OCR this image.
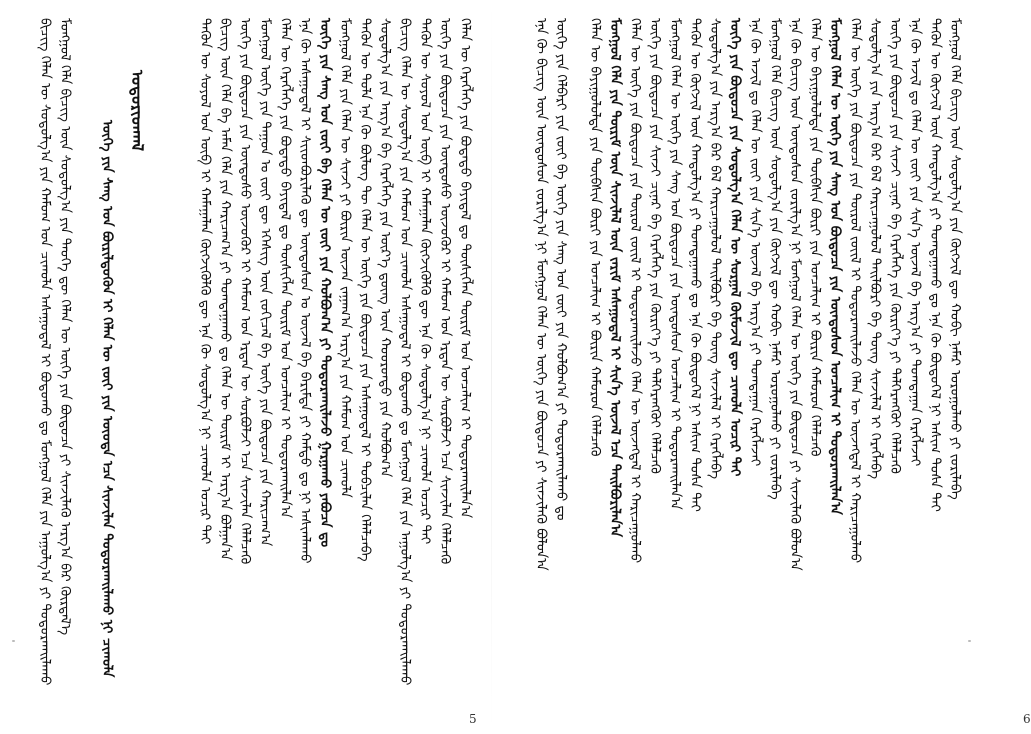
ᠪᠢᠴᠢᠭ᠌ ᠬᠡᠯᠡᠨ ᠦ ᠰᠤᠳᠤᠯᠭ᠎ᠠ ᠶᠢᠨ ᠬᠠᠮᠤᠭ ᠤᠨ ᠴᠢᠬᠤᠯᠠ ᠠᠰᠠᠭᠤᠳᠠᠯ ᠢ ᠪᠣᠳᠣᠬᠤ ᠳᠤ ᠮᠣᠩᠭᠣᠯ ᠬᠡᠯᠡ ᠶᠢᠨ ᠠᠭᠤᠯᠭ᠎ᠠ ᠶᠢ ᠲᠣᠳᠣᠷᠬᠠᠢᠯᠠᠬᠤ ᠮᠣᠩᠭᠣᠯ ᠬᠡᠯᠡ ᠪᠢᠴᠢᠭ ᠦᠨ ᠰᠤᠳᠤᠯᠭ᠎ᠠ ᠶᠢᠨ ᠲᠡᠦᠬᠡ ᠳᠦ ᠬᠡᠯᠡᠨ ᠦ ᠦᠭᠡ ᠶᠢᠨ ᠪᠦᠲᠦᠴᠡ ᠶᠢ ᠰᠢᠨᠵᠢᠯᠡᠬᠦ ᠠᠷᠭ᠎ᠠ ᠪᠠᠷ ᠬᠦᠷᠲᠡᠯ᠎ᠡ ᠦᠭᠡ ᠶᠢᠨ ᠰᠠᠩ ᠤᠨ ᠪᠦᠷᠢᠯᠳᠦᠭᠦᠨ ᠢ ᠬᠡᠯᠡᠨ ᠦ ᠵᠦᠢ ᠶᠢᠨ ᠦᠦᠳᠡ ᠡᠴᠡ ᠰᠢᠨᠵᠢᠯᠡᠨ ᠲᠣᠳᠣᠷᠬᠠᠢᠯᠠᠬᠤ ᠨᠢ ᠴᠢᠬᠤᠯᠠ
ᠤᠳᠤᠷᠢᠳᠬᠠᠯ	ᠲᠡᠭᠦᠨ ᠦ ᠰᠣᠶᠣᠯ ᠤᠨ ᠦᠪ ᠢ ᠬᠠᠮᠠᠭᠠᠯᠠᠨ ᠬᠥᠭᠵᠢᠭᠦᠯᠬᠦ ᠳᠦ ᠡᠨᠡ ᠬᠦ ᠰᠤᠳᠤᠯᠭ᠎ᠠ ᠨᠢ ᠴᠢᠬᠤᠯᠠ ᠤᠴᠢᠷ ᠲᠠᠢ ᠪᠢᠴᠢᠭ ᠦᠨ ᠬᠡᠯᠡ ᠪᠠ ᠠᠮᠠᠨ ᠬᠡᠯᠡ ᠶᠢᠨ ᠬᠠᠷᠢᠴᠠᠭ᠎ᠠ ᠶᠢ ᠲᠣᠭᠲᠠᠭᠠᠬᠤ ᠳᠤ ᠬᠡᠯᠡᠨ ᠦ ᠳᠦᠷᠢᠮ ᠢ ᠠᠷᠭ᠎ᠠ ᠪᠣᠯᠭᠠᠨ᠎ᠠ ᠦᠭᠡ ᠶᠢᠨ ᠪᠦᠲᠦᠴᠡ ᠶᠢᠨ ᠦᠨᠳᠦᠰᠦ ᠦᠵᠦᠭᠦᠷ ᠢ ᠬᠠᠮᠤᠭ ᠤᠨ ᠡᠷᠲᠡᠨ ᠦ ᠰᠤᠷᠪᠤᠯᠵᠢ ᠡᠴᠡ ᠰᠢᠨᠵᠢᠯᠡᠨ ᠬᠡᠯᠡᠯᠴᠡᠬᠦ ᠮᠣᠩᠭᠣᠯ ᠦᠭᠡ ᠶᠢᠨ ᠳᠠᠭᠤᠨ ᠤ ᠵᠦᠢ ᠳᠦ ᠡᠭᠡᠰᠢᠭ ᠦᠨ ᠵᠣᠬᠢᠴᠠᠯ ᠪᠠ ᠦᠭᠡ ᠶᠢᠨ ᠪᠦᠲᠦᠴᠡ ᠶᠢᠨ ᠬᠠᠷᠢᠴᠠᠭ᠎ᠠ ᠬᠡᠯᠡᠨ ᠦ ᠬᠡᠷᠡᠭᠯᠡᠭᠡ ᠶᠢᠨ ᠪᠣᠳᠠᠲᠤ ᠪᠠᠶᠢᠳᠠᠯ ᠳᠤ ᠲᠦᠰᠢᠭᠯᠡᠨ ᠳᠦᠷᠢᠮ ᠤᠨ ᠣᠨᠴᠠᠯᠢᠭ ᠢ ᠲᠣᠳᠣᠷᠬᠠᠢᠯᠠᠨ᠎ᠠ ᠡᠨᠡ ᠬᠦ ᠠᠰᠠᠭᠤᠳᠠᠯ ᠢ ᠰᠢᠢᠳᠪᠦᠷᠢᠯᠡᠬᠦ ᠳᠦ ᠦᠨᠳᠦᠰᠦᠨ ᠤ ᠦᠵᠡᠯ ᠪᠠ ᠪᠠᠷᠢᠮᠲᠠ ᠶᠢ ᠬᠠᠮᠲᠤ ᠳᠤ ᠨᠢ ᠠᠰᠢᠭᠯᠠᠬᠤ ᠦᠭᠡ ᠶᠢᠨ ᠰᠠᠩ ᠤᠨ ᠵᠦᠢ ᠪᠠ ᠬᠡᠯᠡᠨ ᠦ ᠵᠦᠢ ᠶᠢᠨ ᠬᠣᠯᠪᠣᠭ᠎ᠠ ᠶᠢ ᠲᠣᠳᠣᠷᠬᠠᠢᠯᠠᠵᠤ ᠭᠠᠷᠭᠠᠬᠤ ᠶᠠᠪᠤᠴᠠ ᠳᠤ ᠮᠣᠩᠭᠣᠯ ᠬᠡᠯᠡ ᠶᠢᠨ ᠬᠡᠯᠡᠨ ᠦ ᠰᠢᠨᠵᠢ ᠶᠢ ᠪᠦᠷᠢᠨ ᠦᠵᠡᠨ ᠵᠠᠭᠠᠭ᠎ᠠ ᠠᠷᠭ᠎ᠠ ᠶᠢᠨ ᠬᠠᠮᠤᠭ ᠤᠨ ᠴᠢᠬᠤᠯᠠ ᠲᠡᠭᠦᠨ ᠦ ᠲᠤᠯᠠ ᠡᠨᠡ ᠬᠦ ᠪᠦᠯᠦᠭ ᠲᠦ ᠬᠡᠯᠡᠨ ᠦ ᠦᠭᠡ ᠶᠢᠨ ᠪᠦᠲᠦᠴᠡ ᠶᠢᠨ ᠠᠰᠠᠭᠤᠳᠠᠯ ᠢ ᠲᠣᠪᠴᠢᠯᠠᠨ ᠬᠡᠯᠡᠯᠴᠡᠪᠡ ᠰᠤᠳᠤᠯᠭ᠎ᠠ ᠶᠢᠨ ᠠᠷᠭ᠎ᠠ ᠪᠠ ᠬᠡᠷᠡᠭᠯᠡᠭᠡ ᠶᠢᠨ ᠦᠷ᠎ᠡ ᠳ᠋ᠦᠩ ᠦᠨ ᠬᠣᠣᠷᠣᠨᠳᠣ ᠶᠢᠨ ᠬᠣᠯᠪᠣᠭ᠎ᠠ ᠪᠢᠴᠢᠭ᠌ ᠬᠡᠯᠡᠨ ᠦ ᠰᠤᠳᠤᠯᠭ᠎ᠠ ᠶᠢᠨ ᠬᠠᠮᠤᠭ ᠤᠨ ᠴᠢᠬᠤᠯᠠ ᠠᠰᠠᠭᠤᠳᠠᠯ ᠢ ᠪᠣᠳᠣᠬᠤ ᠳᠤ ᠮᠣᠩᠭᠣᠯ ᠬᠡᠯᠡ ᠶᠢᠨ ᠠᠭᠤᠯᠭ᠎ᠠ ᠶᠢ ᠲᠣᠳᠣᠷᠬᠠᠢᠯᠠᠬᠤ ᠲᠡᠭᠦᠨ ᠦ ᠰᠣᠶᠣᠯ ᠤᠨ ᠦᠪ ᠢ ᠬᠠᠮᠠᠭᠠᠯᠠᠨ ᠬᠥᠭᠵᠢᠭᠦᠯᠬᠦ ᠳᠦ ᠡᠨᠡ ᠬᠦ ᠰᠤᠳᠤᠯᠭ᠎ᠠ ᠨᠢ ᠴᠢᠬᠤᠯᠠ ᠤᠴᠢᠷ ᠲᠠᠢ ᠦᠭᠡ ᠶᠢᠨ ᠪᠦᠲᠦᠴᠡ ᠶᠢᠨ ᠦᠨᠳᠦᠰᠦ ᠦᠵᠦᠭᠦᠷ ᠢ ᠬᠠᠮᠤᠭ ᠤᠨ ᠡᠷᠲᠡᠨ ᠦ ᠰᠤᠷᠪᠤᠯᠵᠢ ᠡᠴᠡ ᠰᠢᠨᠵᠢᠯᠡᠨ ᠬᠡᠯᠡᠯᠴᠡᠬᠦ ᠬᠡᠯᠡᠨ ᠦ ᠬᠡᠷᠡᠭᠯᠡᠭᠡ ᠶᠢᠨ ᠪᠣᠳᠠᠲᠤ ᠪᠠᠶᠢᠳᠠᠯ ᠳᠤ ᠲᠦᠰᠢᠭᠯᠡᠨ ᠳᠦᠷᠢᠮ ᠤᠨ ᠣᠨᠴᠠᠯᠢᠭ ᠢ ᠲᠣᠳᠣᠷᠬᠠᠢᠯᠠᠨ᠎ᠠ
5
ᠡᠨᠡ ᠬᠦ ᠪᠢᠴᠢᠭ ᠦᠨ ᠦᠨᠳᠦᠰᠦᠨ ᠵᠣᠷᠢᠯᠭ᠎ᠠ ᠨᠢ ᠮᠣᠩᠭᠣᠯ ᠬᠡᠯᠡᠨ ᠦ ᠦᠭᠡ ᠶᠢᠨ ᠪᠦᠲᠦᠴᠡ ᠶᠢ ᠰᠢᠨᠵᠢᠯᠡᠬᠦ ᠪᠣᠯᠤᠨ᠎ᠠ ᠦᠭᠡ ᠶᠢᠨ ᠬᠡᠯᠪᠡᠷᠢ ᠶᠢᠨ ᠵᠦᠢ ᠪᠠ ᠦᠭᠡ ᠶᠢᠨ ᠰᠠᠩ ᠤᠨ ᠵᠦᠢ ᠶᠢᠨ ᠬᠣᠯᠪᠣᠭ᠎ᠠ ᠶᠢ ᠲᠣᠳᠣᠷᠬᠠᠢᠯᠠᠬᠤ ᠳᠤ ᠬᠡᠯᠡᠨ ᠦ ᠪᠠᠶᠢᠭᠤᠯᠤᠯᠲᠠ ᠶᠢᠨ ᠲᠦᠪᠰᠢᠨ ᠪᠦᠷᠢ ᠶᠢᠨ ᠣᠨᠴᠠᠯᠢᠭ ᠢ ᠪᠦᠷᠢᠨ ᠬᠠᠮᠤᠷᠤᠨ ᠬᠡᠯᠡᠯᠴᠡᠬᠦ ᠮᠣᠩᠭᠣᠯ ᠬᠡᠯᠡ ᠶᠢᠨ ᠳᠦᠷᠢᠮ ᠦᠨ ᠰᠢᠨᠵᠢᠯᠡᠯ ᠦᠨ ᠵᠠᠷᠢᠮ ᠠᠰᠠᠭᠤᠳᠠᠯ ᠢ ᠰᠢᠨ᠎ᠡ ᠦᠵᠡᠯ ᠡᠴᠡ ᠲᠠᠢᠯᠪᠤᠷᠢᠯᠠᠨ᠎ᠠ ᠬᠡᠯᠡᠨ ᠦ ᠦᠭᠡ ᠶᠢᠨ ᠪᠦᠲᠦᠴᠡ ᠶᠢᠨ ᠲᠥᠷᠥᠯ ᠵᠦᠢᠯ ᠢ ᠲᠣᠳᠣᠷᠬᠠᠢᠯᠠᠵᠤ ᠬᠡᠯᠡᠨ ᠦ ᠦᠵᠡᠭᠳᠡᠯ ᠢ ᠬᠠᠷᠢᠴᠠᠭᠤᠯᠬᠤ ᠦᠭᠡ ᠶᠢᠨ ᠪᠦᠲᠦᠴᠡ ᠶᠢᠨ ᠰᠢᠨᠵᠢ ᠴᠢᠨᠠᠷ ᠪᠠ ᠬᠡᠷᠡᠭᠯᠡᠭᠡ ᠶᠢᠨ ᠬᠦᠷᠢᠶ᠎ᠡ ᠶᠢ ᠳᠡᠯᠭᠡᠷᠡᠩᠭᠦᠢ ᠬᠡᠯᠡᠯᠴᠡᠬᠦ ᠮᠣᠩᠭᠣᠯ ᠬᠡᠯᠡᠨ ᠦ ᠦᠭᠡ ᠶᠢᠨ ᠰᠠᠩ ᠤᠨ ᠪᠦᠲᠦᠴᠡ ᠶᠢᠨ ᠦᠨᠳᠦᠰᠦᠨ ᠣᠨᠴᠠᠯᠢᠭ ᠢ ᠲᠣᠳᠣᠷᠬᠠᠢᠯᠠᠨ᠎ᠠ ᠲᠡᠭᠦᠨ ᠦ ᠬᠥᠭᠵᠢᠯ ᠦᠨ ᠬᠠᠨᠳᠤᠯᠭ᠎ᠠ ᠶᠢ ᠲᠣᠭᠲᠠᠭᠠᠬᠤ ᠳᠤ ᠡᠨᠡ ᠬᠦ ᠪᠦᠲᠦᠭᠡᠯ ᠨᠢ ᠠᠰᠢᠭ ᠲᠤᠰᠠ ᠲᠠᠢ ᠰᠤᠳᠤᠯᠭ᠎ᠠ ᠶᠢᠨ ᠠᠷᠭ᠎ᠠ ᠪᠠᠷ ᠪᠠᠯ ᠬᠠᠷᠢᠴᠠᠭᠤᠯᠤᠯ ᠲᠠᠢᠯᠪᠤᠷᠢ ᠪᠠ ᠳᠦᠩ ᠰᠢᠨᠵᠢᠯᠡᠯ ᠢ ᠬᠡᠷᠡᠭᠯᠡᠪᠡ ᠦᠭᠡ ᠶᠢᠨ ᠪᠦᠲᠦᠴᠡ ᠶᠢᠨ ᠰᠤᠳᠤᠯᠭ᠎ᠠ ᠬᠡᠯᠡᠨ ᠦ ᠰᠤᠷᠭᠠᠯ ᠬᠦᠮᠦᠵᠢᠯ ᠳᠦ ᠴᠢᠬᠤᠯᠠ ᠤᠴᠢᠷ ᠲᠠᠢ ᠡᠨᠡ ᠬᠦ ᠠᠵᠢᠯ ᠳᠤ ᠬᠡᠯᠡᠨ ᠦ ᠵᠦᠢ ᠶᠢᠨ ᠰᠢᠨ᠎ᠡ ᠦᠵᠡᠯ ᠪᠠ ᠠᠷᠭ᠎ᠠ ᠶᠢ ᠲᠣᠭᠲᠠᠭᠠᠨ ᠬᠡᠷᠡᠭᠯᠡᠵᠡᠢ ᠮᠣᠩᠭᠣᠯ ᠬᠡᠯᠡ ᠪᠢᠴᠢᠭ ᠦᠨ ᠰᠤᠳᠤᠯᠭ᠎ᠠ ᠶᠢᠨ ᠬᠥᠭᠵᠢᠯ ᠳᠦ ᠬᠤᠪᠢ ᠨᠡᠮᠡᠷ ᠣᠷᠣᠭᠤᠯᠬᠤ ᠶᠢ ᠵᠣᠷᠢᠯᠠᠪᠠ ᠡᠨᠡ ᠬᠦ ᠪᠢᠴᠢᠭ ᠦᠨ ᠦᠨᠳᠦᠰᠦᠨ ᠵᠣᠷᠢᠯᠭ᠎ᠠ ᠨᠢ ᠮᠣᠩᠭᠣᠯ ᠬᠡᠯᠡᠨ ᠦ ᠦᠭᠡ ᠶᠢᠨ ᠪᠦᠲᠦᠴᠡ ᠶᠢ ᠰᠢᠨᠵᠢᠯᠡᠬᠦ ᠪᠣᠯᠤᠨ᠎ᠠ ᠬᠡᠯᠡᠨ ᠦ ᠪᠠᠶᠢᠭᠤᠯᠤᠯᠲᠠ ᠶᠢᠨ ᠲᠦᠪᠰᠢᠨ ᠪᠦᠷᠢ ᠶᠢᠨ ᠣᠨᠴᠠᠯᠢᠭ ᠢ ᠪᠦᠷᠢᠨ ᠬᠠᠮᠤᠷᠤᠨ ᠬᠡᠯᠡᠯᠴᠡᠬᠦ ᠮᠣᠩᠭᠣᠯ ᠬᠡᠯᠡᠨ ᠦ ᠦᠭᠡ ᠶᠢᠨ ᠰᠠᠩ ᠤᠨ ᠪᠦᠲᠦᠴᠡ ᠶᠢᠨ ᠦᠨᠳᠦᠰᠦᠨ ᠣᠨᠴᠠᠯᠢᠭ ᠢ ᠲᠣᠳᠣᠷᠬᠠᠢᠯᠠᠨ᠎ᠠ ᠬᠡᠯᠡᠨ ᠦ ᠦᠭᠡ ᠶᠢᠨ ᠪᠦᠲᠦᠴᠡ ᠶᠢᠨ ᠲᠥᠷᠥᠯ ᠵᠦᠢᠯ ᠢ ᠲᠣᠳᠣᠷᠬᠠᠢᠯᠠᠵᠤ ᠬᠡᠯᠡᠨ ᠦ ᠦᠵᠡᠭᠳᠡᠯ ᠢ ᠬᠠᠷᠢᠴᠠᠭᠤᠯᠬᠤ ᠰᠤᠳᠤᠯᠭ᠎ᠠ ᠶᠢᠨ ᠠᠷᠭ᠎ᠠ ᠪᠠᠷ ᠪᠠᠯ ᠬᠠᠷᠢᠴᠠᠭᠤᠯᠤᠯ ᠲᠠᠢᠯᠪᠤᠷᠢ ᠪᠠ ᠳᠦᠩ ᠰᠢᠨᠵᠢᠯᠡᠯ ᠢ ᠬᠡᠷᠡᠭᠯᠡᠪᠡ ᠦᠭᠡ ᠶᠢᠨ ᠪᠦᠲᠦᠴᠡ ᠶᠢᠨ ᠰᠢᠨᠵᠢ ᠴᠢᠨᠠᠷ ᠪᠠ ᠬᠡᠷᠡᠭᠯᠡᠭᠡ ᠶᠢᠨ ᠬᠦᠷᠢᠶ᠎ᠡ ᠶᠢ ᠳᠡᠯᠭᠡᠷᠡᠩᠭᠦᠢ ᠬᠡᠯᠡᠯᠴᠡᠬᠦ ᠡᠨᠡ ᠬᠦ ᠠᠵᠢᠯ ᠳᠤ ᠬᠡᠯᠡᠨ ᠦ ᠵᠦᠢ ᠶᠢᠨ ᠰᠢᠨ᠎ᠡ ᠦᠵᠡᠯ ᠪᠠ ᠠᠷᠭ᠎ᠠ ᠶᠢ ᠲᠣᠭᠲᠠᠭᠠᠨ ᠬᠡᠷᠡᠭᠯᠡᠵᠡᠢ ᠲᠡᠭᠦᠨ ᠦ ᠬᠥᠭᠵᠢᠯ ᠦᠨ ᠬᠠᠨᠳᠤᠯᠭ᠎ᠠ ᠶᠢ ᠲᠣᠭᠲᠠᠭᠠᠬᠤ ᠳᠤ ᠡᠨᠡ ᠬᠦ ᠪᠦᠲᠦᠭᠡᠯ ᠨᠢ ᠠᠰᠢᠭ ᠲᠤᠰᠠ ᠲᠠᠢ ᠮᠣᠩᠭᠣᠯ ᠬᠡᠯᠡ ᠪᠢᠴᠢᠭ ᠦᠨ ᠰᠤᠳᠤᠯᠭ᠎ᠠ ᠶᠢᠨ ᠬᠥᠭᠵᠢᠯ ᠳᠦ ᠬᠤᠪᠢ ᠨᠡᠮᠡᠷ ᠣᠷᠣᠭᠤᠯᠬᠤ ᠶᠢ ᠵᠣᠷᠢᠯᠠᠪᠠ
6
